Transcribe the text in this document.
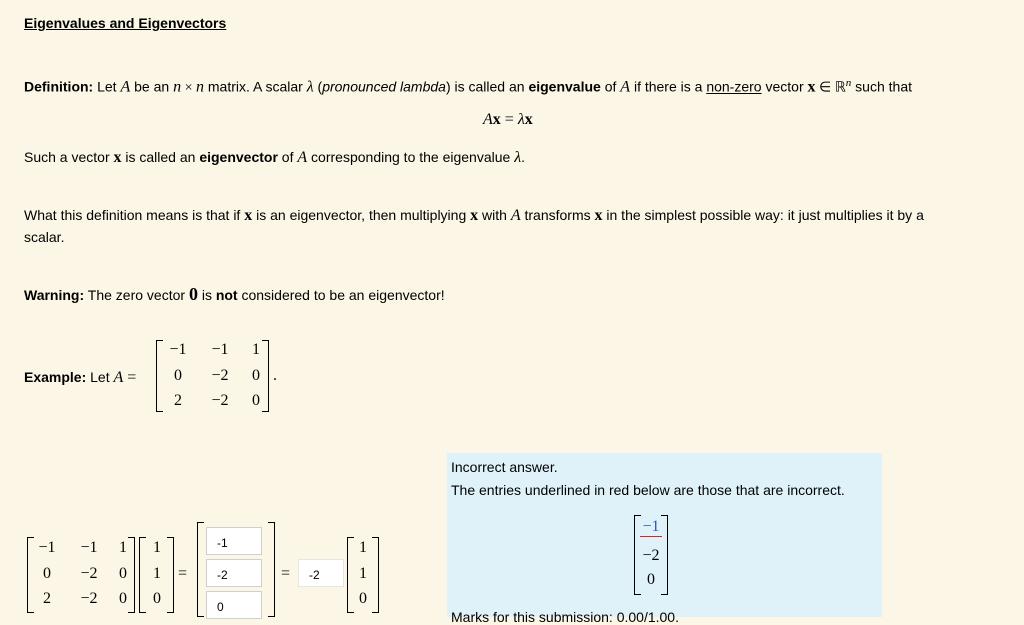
Eigenvalues and Eigenvectors
Definition: Let A be an n × n matrix. A scalar λ (pronounced lambda) is called an eigenvalue of A if there is a non-zero vector x ∈ ℝ$^n$ such that
Ax = λx
Such a vector x is called an eigenvector of A corresponding to the eigenvalue λ.
What this definition means is that if x is an eigenvector, then multiplying x with A transforms x in the simplest possible way: it just multiplies it by a
scalar.
Warning: The zero vector 0 is not considered to be an eigenvector!
Example: Let A =
−1 −1 1
0	−2 0
2	−2 0
.
−1 −1 1
0	−2 0
2	−2 0
1
1
0
=
-1
-2
0	=
-2
1
1
0
Incorrect answer.
The entries underlined in red below are those that are incorrect.
−1
−2
0
Marks for this submission: 0.00/1.00.
